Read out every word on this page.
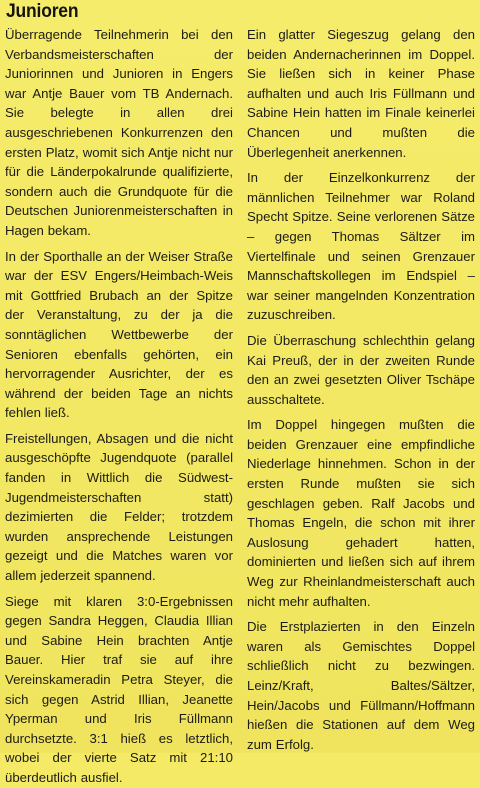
Junioren

Überragende Teilnehmerin bei den Verbandsmeisterschaften der Juniorinnen und Junioren in Engers war Antje Bauer vom TB Andernach. Sie belegte in allen drei ausgeschriebenen Konkurrenzen den ersten Platz, womit sich Antje nicht nur für die Länderpokalrunde qualifizierte, sondern auch die Grundquote für die Deutschen Juniorenmeisterschaften in Hagen bekam.

In der Sporthalle an der Weiser Straße war der ESV Engers/Heimbach-Weis mit Gottfried Brubach an der Spitze der Veranstaltung, zu der ja die sonntäglichen Wettbewerbe der Senioren ebenfalls gehörten, ein hervorragender Ausrichter, der es während der beiden Tage an nichts fehlen ließ.

Freistellungen, Absagen und die nicht ausgeschöpfte Jugendquote (parallel fanden in Wittlich die Südwest-Jugendmeisterschaften statt) dezimierten die Felder; trotzdem wurden ansprechende Leistungen gezeigt und die Matches waren vor allem jederzeit spannend.

Siege mit klaren 3:0-Ergebnissen gegen Sandra Heggen, Claudia Illian und Sabine Hein brachten Antje Bauer. Hier traf sie auf ihre Vereinskameradin Petra Steyer, die sich gegen Astrid Illian, Jeanette Yperman und Iris Füllmann durchsetzte. 3:1 hieß es letztlich, wobei der vierte Satz mit 21:10 überdeutlich ausfiel.

Ein glatter Siegeszug gelang den beiden Andernacherinnen im Doppel. Sie ließen sich in keiner Phase aufhalten und auch Iris Füllmann und Sabine Hein hatten im Finale keinerlei Chancen und mußten die Überlegenheit anerkennen.

In der Einzelkonkurrenz der männlichen Teilnehmer war Roland Specht Spitze. Seine verlorenen Sätze – gegen Thomas Sältzer im Viertelfinale und seinen Grenzauer Mannschaftskollegen im Endspiel – war seiner mangelnden Konzentration zuzuschreiben.

Die Überraschung schlechthin gelang Kai Preuß, der in der zweiten Runde den an zwei gesetzten Oliver Tschäpe ausschaltete.

Im Doppel hingegen mußten die beiden Grenzauer eine empfindliche Niederlage hinnehmen. Schon in der ersten Runde mußten sie sich geschlagen geben. Ralf Jacobs und Thomas Engeln, die schon mit ihrer Auslosung gehadert hatten, dominierten und ließen sich auf ihrem Weg zur Rheinlandmeisterschaft auch nicht mehr aufhalten.

Die Erstplazierten in den Einzeln waren als Gemischtes Doppel schließlich nicht zu bezwingen. Leinz/Kraft, Baltes/Sältzer, Hein/Jacobs und Füllmann/Hoffmann hießen die Stationen auf dem Weg zum Erfolg.
